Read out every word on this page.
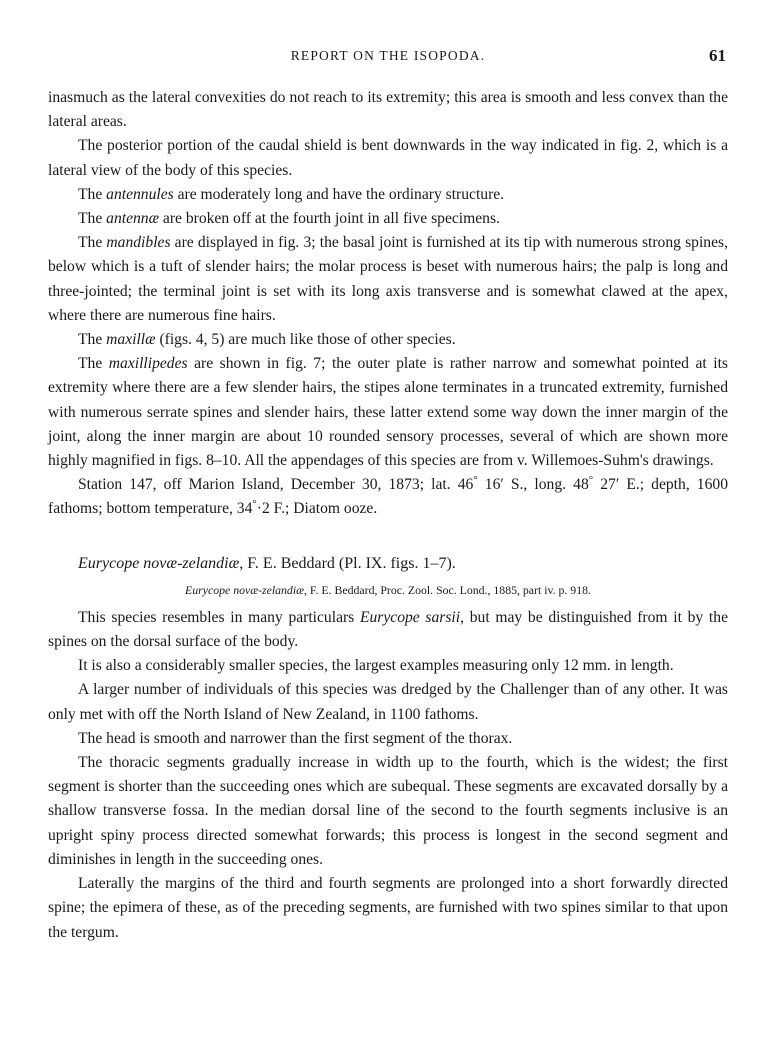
REPORT ON THE ISOPODA.	61

inasmuch as the lateral convexities do not reach to its extremity; this area is smooth and less convex than the lateral areas.

The posterior portion of the caudal shield is bent downwards in the way indicated in fig. 2, which is a lateral view of the body of this species.

The antennules are moderately long and have the ordinary structure.

The antennæ are broken off at the fourth joint in all five specimens.

The mandibles are displayed in fig. 3; the basal joint is furnished at its tip with numerous strong spines, below which is a tuft of slender hairs; the molar process is beset with numerous hairs; the palp is long and three-jointed; the terminal joint is set with its long axis transverse and is somewhat clawed at the apex, where there are numerous fine hairs.

The maxillæ (figs. 4, 5) are much like those of other species.

The maxillipedes are shown in fig. 7; the outer plate is rather narrow and somewhat pointed at its extremity where there are a few slender hairs, the stipes alone terminates in a truncated extremity, furnished with numerous serrate spines and slender hairs, these latter extend some way down the inner margin of the joint, along the inner margin are about 10 rounded sensory processes, several of which are shown more highly magnified in figs. 8–10. All the appendages of this species are from v. Willemoes-Suhm's drawings.

Station 147, off Marion Island, December 30, 1873; lat. 46° 16′ S., long. 48° 27′ E.; depth, 1600 fathoms; bottom temperature, 34°·2 F.; Diatom ooze.

Eurycope novæ-zelandiæ, F. E. Beddard (Pl. IX. figs. 1–7).

Eurycope novæ-zelandiæ, F. E. Beddard, Proc. Zool. Soc. Lond., 1885, part iv. p. 918.

This species resembles in many particulars Eurycope sarsii, but may be distinguished from it by the spines on the dorsal surface of the body.

It is also a considerably smaller species, the largest examples measuring only 12 mm. in length.

A larger number of individuals of this species was dredged by the Challenger than of any other. It was only met with off the North Island of New Zealand, in 1100 fathoms.

The head is smooth and narrower than the first segment of the thorax.

The thoracic segments gradually increase in width up to the fourth, which is the widest; the first segment is shorter than the succeeding ones which are subequal. These segments are excavated dorsally by a shallow transverse fossa. In the median dorsal line of the second to the fourth segments inclusive is an upright spiny process directed somewhat forwards; this process is longest in the second segment and diminishes in length in the succeeding ones.

Laterally the margins of the third and fourth segments are prolonged into a short forwardly directed spine; the epimera of these, as of the preceding segments, are furnished with two spines similar to that upon the tergum.
